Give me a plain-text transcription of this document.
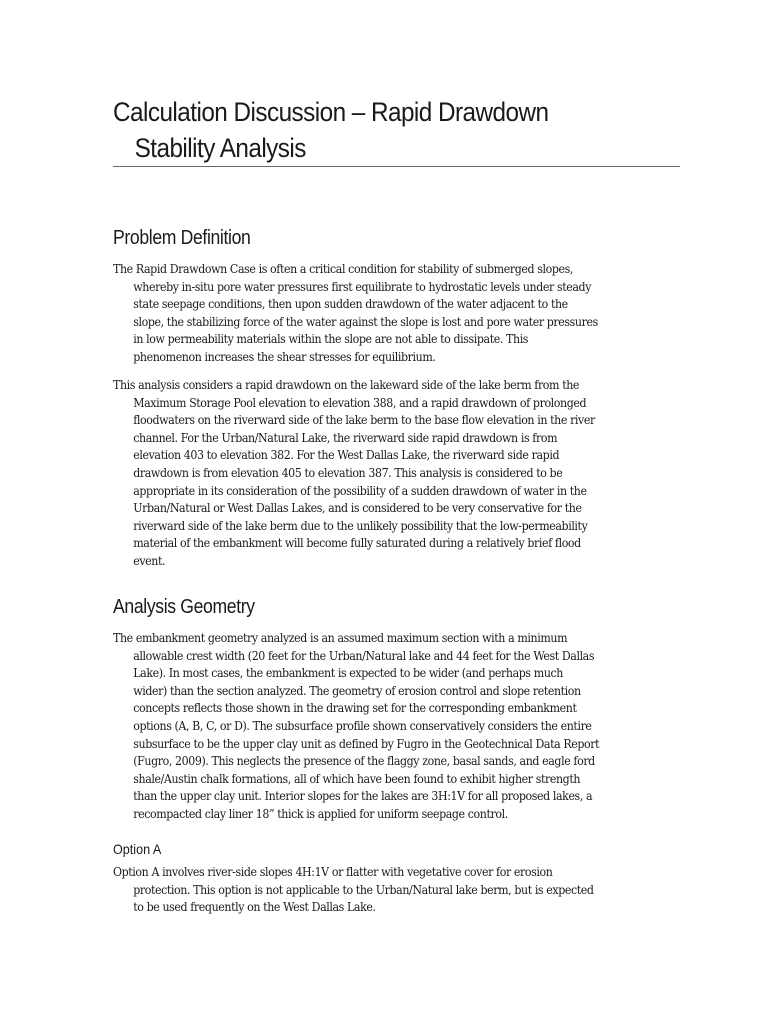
Calculation Discussion – Rapid Drawdown
Stability Analysis
Problem Definition
The Rapid Drawdown Case is often a critical condition for stability of submerged slopes,
whereby in-situ pore water pressures first equilibrate to hydrostatic levels under steady
state seepage conditions, then upon sudden drawdown of the water adjacent to the
slope, the stabilizing force of the water against the slope is lost and pore water pressures
in low permeability materials within the slope are not able to dissipate. This
phenomenon increases the shear stresses for equilibrium.
This analysis considers a rapid drawdown on the lakeward side of the lake berm from the
Maximum Storage Pool elevation to elevation 388, and a rapid drawdown of prolonged
floodwaters on the riverward side of the lake berm to the base flow elevation in the river
channel. For the Urban/Natural Lake, the riverward side rapid drawdown is from
elevation 403 to elevation 382. For the West Dallas Lake, the riverward side rapid
drawdown is from elevation 405 to elevation 387. This analysis is considered to be
appropriate in its consideration of the possibility of a sudden drawdown of water in the
Urban/Natural or West Dallas Lakes, and is considered to be very conservative for the
riverward side of the lake berm due to the unlikely possibility that the low-permeability
material of the embankment will become fully saturated during a relatively brief flood
event.
Analysis Geometry
The embankment geometry analyzed is an assumed maximum section with a minimum
allowable crest width (20 feet for the Urban/Natural lake and 44 feet for the West Dallas
Lake). In most cases, the embankment is expected to be wider (and perhaps much
wider) than the section analyzed. The geometry of erosion control and slope retention
concepts reflects those shown in the drawing set for the corresponding embankment
options (A, B, C, or D). The subsurface profile shown conservatively considers the entire
subsurface to be the upper clay unit as defined by Fugro in the Geotechnical Data Report
(Fugro, 2009). This neglects the presence of the flaggy zone, basal sands, and eagle ford
shale/Austin chalk formations, all of which have been found to exhibit higher strength
than the upper clay unit. Interior slopes for the lakes are 3H:1V for all proposed lakes, a
recompacted clay liner 18” thick is applied for uniform seepage control.
Option A
Option A involves river-side slopes 4H:1V or flatter with vegetative cover for erosion
protection. This option is not applicable to the Urban/Natural lake berm, but is expected
to be used frequently on the West Dallas Lake.
